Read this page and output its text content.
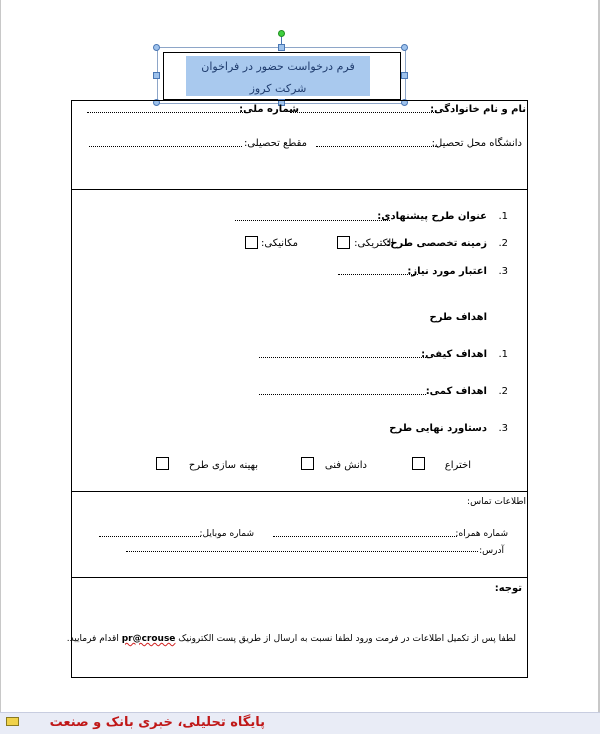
فرم درخواست حضور در فراخوان شرکت کروز
نام و نام خانوادگی:
شماره ملی:
دانشگاه محل تحصیل:
مقطع تحصیلی:
1.
عنوان طرح پیشنهادی:
2.
زمینه تخصصی طرح:
الکتریکی:
مکانیکی:
3.
اعتبار مورد نیاز:
اهداف طرح
1.
اهداف کیفی:
2.
اهداف کمی:
3.
دستاورد نهایی طرح
اختراع
دانش فنی
بهینه سازی طرح
اطلاعات تماس:
شماره همراه:
شماره موبایل:
آدرس:
توجه:
لطفا پس از تکمیل اطلاعات در فرمت ورود لطفا نسبت به ارسال از طریق پست الکترونیک pr@crouse اقدام فرمایید.
پایگاه تحلیلی، خبری بانک و صنعت
